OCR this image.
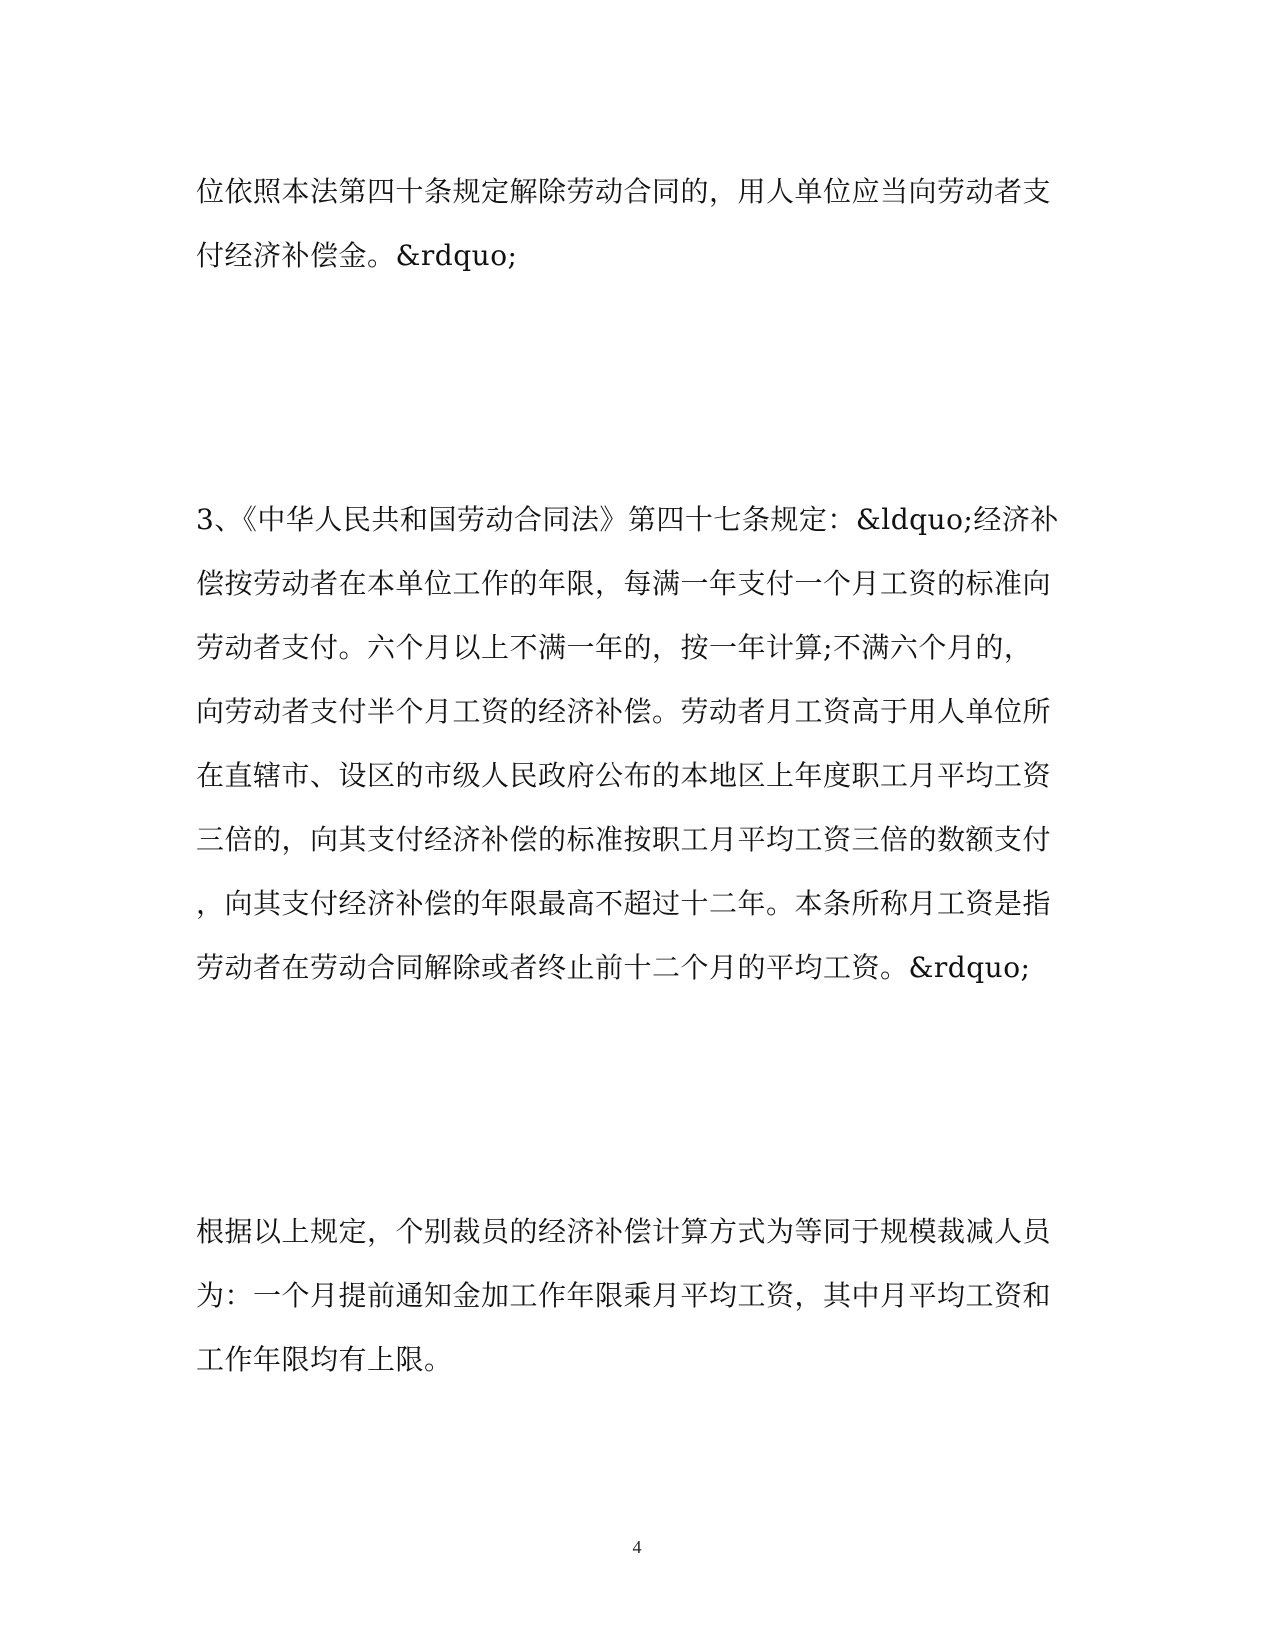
位依照本法第四十条规定解除劳动合同的，用人单位应当向劳动者支
付经济补偿金。&rdquo;

3、《中华人民共和国劳动合同法》第四十七条规定：&ldquo;经济补
偿按劳动者在本单位工作的年限，每满一年支付一个月工资的标准向
劳动者支付。六个月以上不满一年的，按一年计算;不满六个月的，
向劳动者支付半个月工资的经济补偿。劳动者月工资高于用人单位所
在直辖市、设区的市级人民政府公布的本地区上年度职工月平均工资
三倍的，向其支付经济补偿的标准按职工月平均工资三倍的数额支付
，向其支付经济补偿的年限最高不超过十二年。本条所称月工资是指
劳动者在劳动合同解除或者终止前十二个月的平均工资。&rdquo;

根据以上规定，个别裁员的经济补偿计算方式为等同于规模裁减人员
为：一个月提前通知金加工作年限乘月平均工资，其中月平均工资和
工作年限均有上限。

4
